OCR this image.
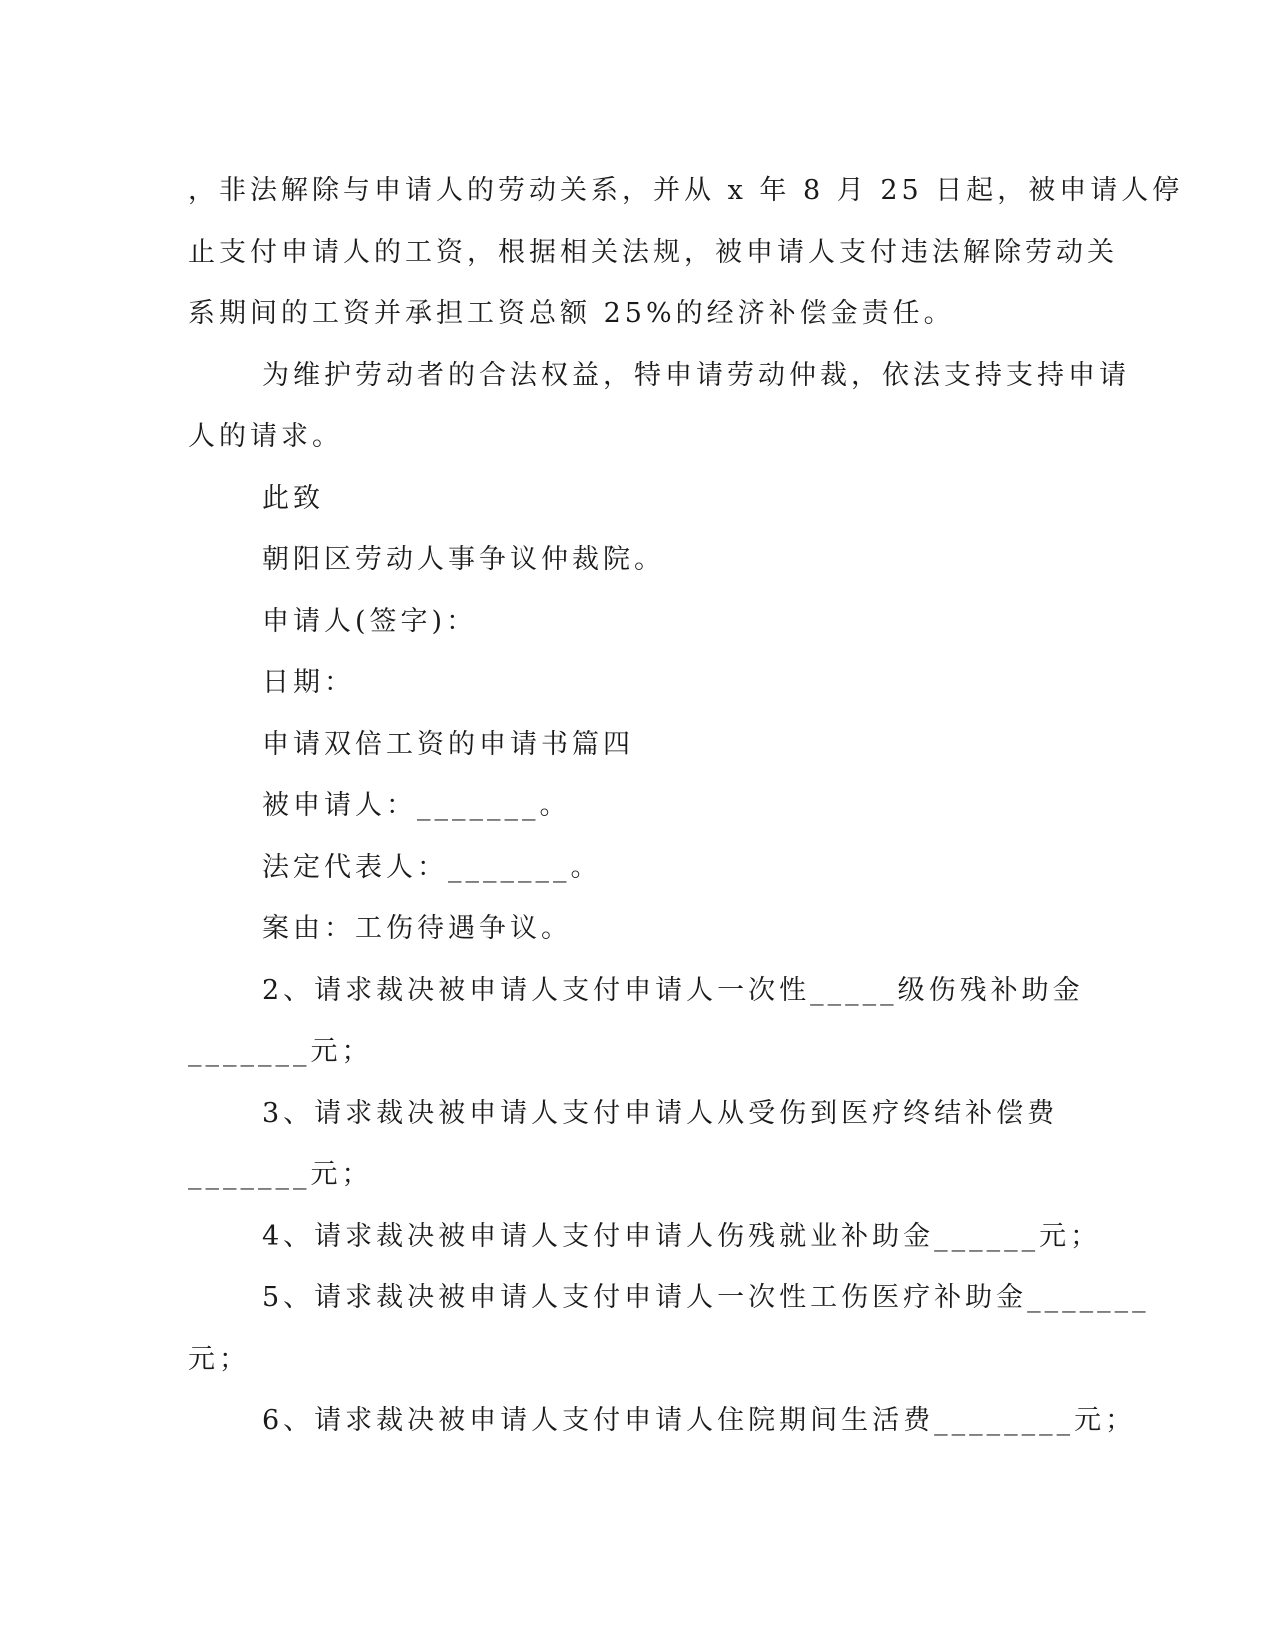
，非法解除与申请人的劳动关系，并从 x 年 8 月 25 日起，被申请人停
止支付申请人的工资，根据相关法规，被申请人支付违法解除劳动关
系期间的工资并承担工资总额 25%的经济补偿金责任。
为维护劳动者的合法权益，特申请劳动仲裁，依法支持支持申请
人的请求。
此致
朝阳区劳动人事争议仲裁院。
申请人(签字)：
日期：
申请双倍工资的申请书篇四
被申请人：_______。
法定代表人：_______。
案由：工伤待遇争议。
2、请求裁决被申请人支付申请人一次性_____级伤残补助金
_______元；
3、请求裁决被申请人支付申请人从受伤到医疗终结补偿费
_______元；
4、请求裁决被申请人支付申请人伤残就业补助金______元；
5、请求裁决被申请人支付申请人一次性工伤医疗补助金_______
元；
6、请求裁决被申请人支付申请人住院期间生活费________元；
